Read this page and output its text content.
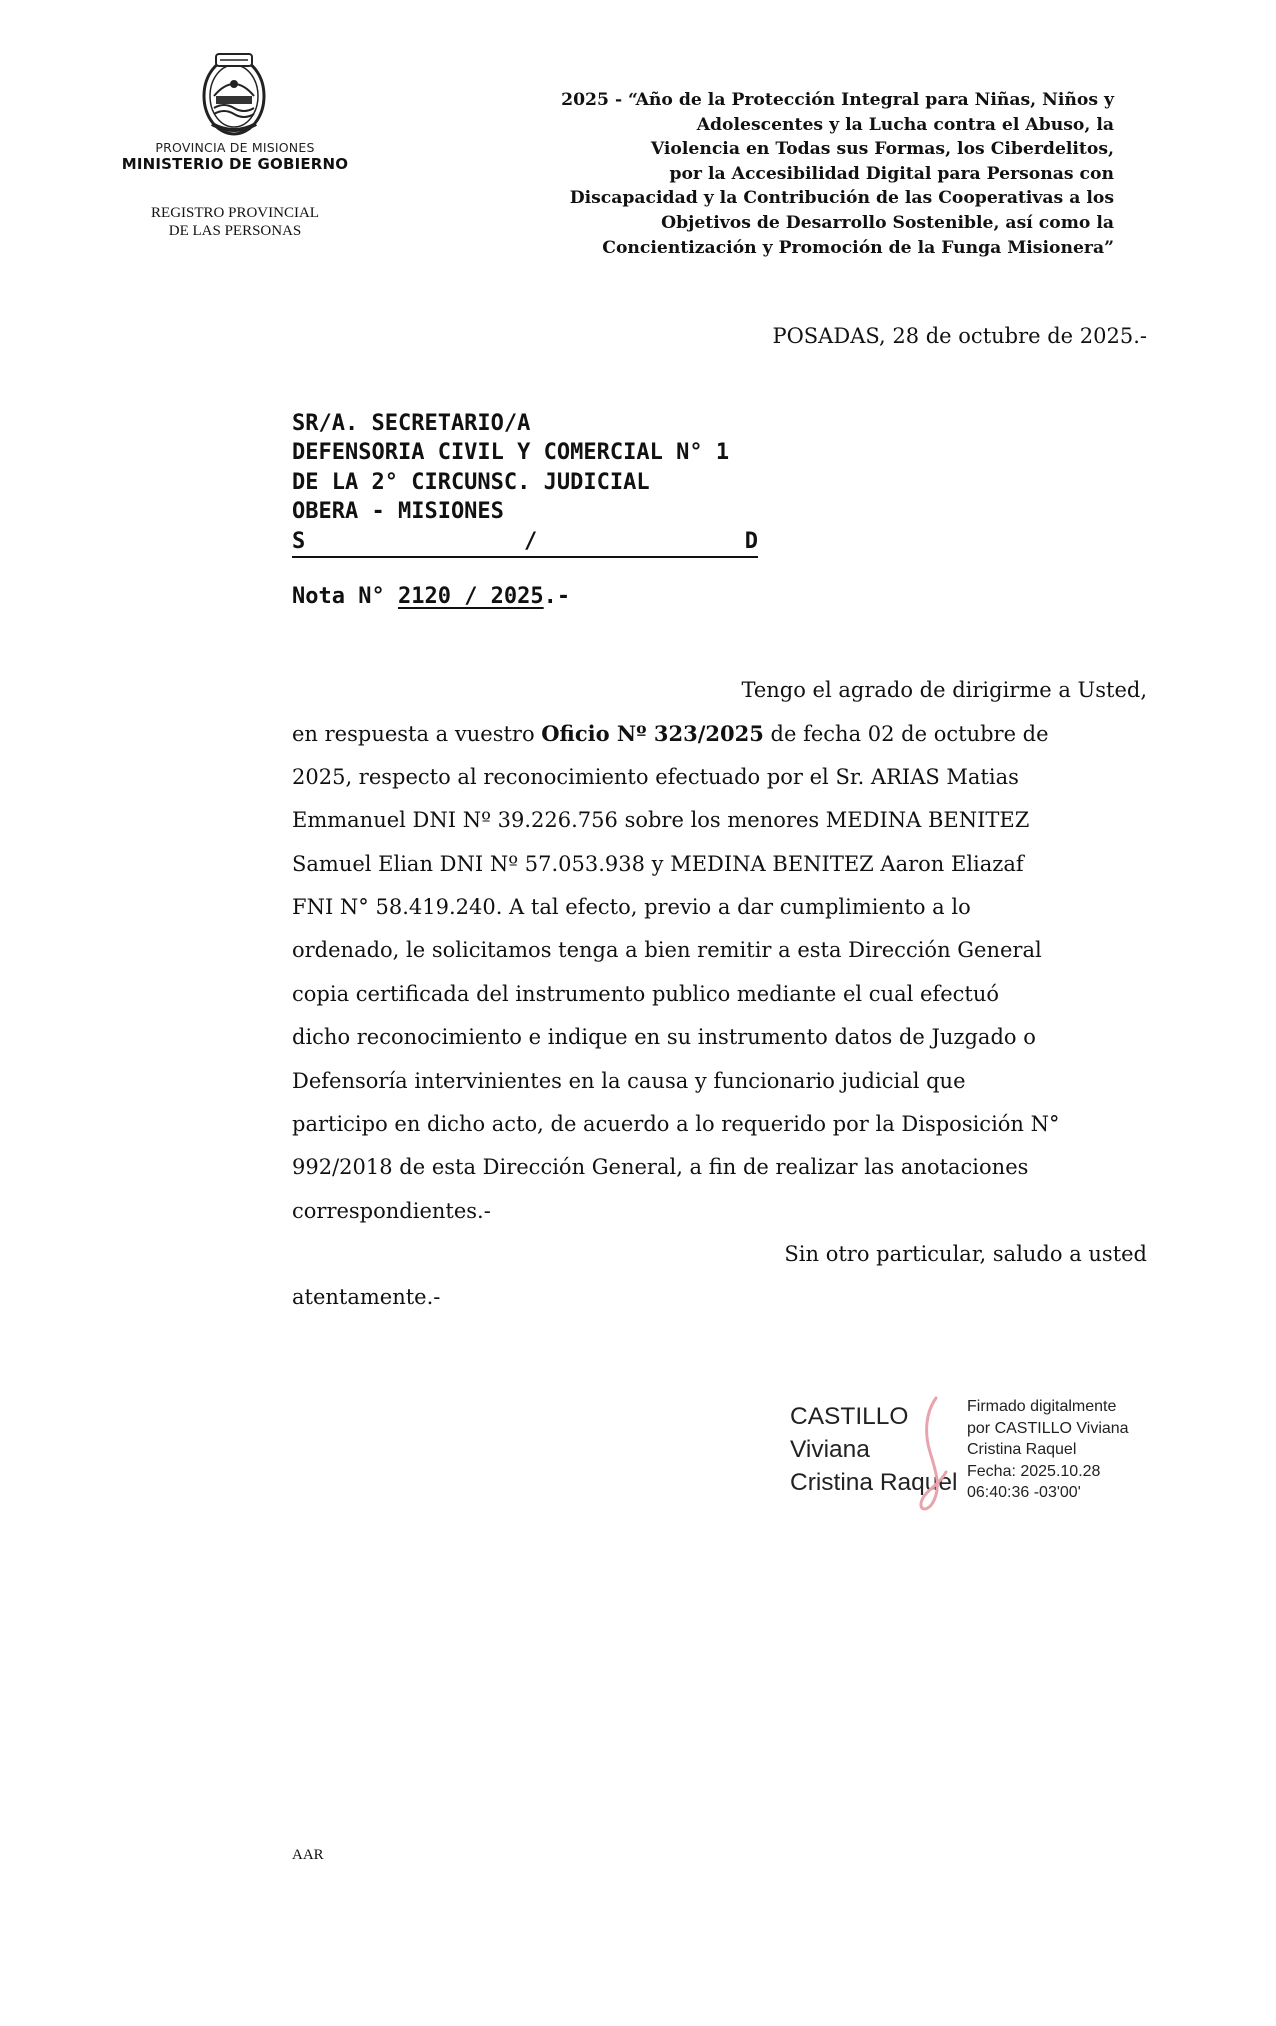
PROVINCIA DE MISIONES
MINISTERIO DE GOBIERNO
REGISTRO PROVINCIAL
DE LAS PERSONAS
2025 - “Año de la Protección Integral para Niñas, Niños y
Adolescentes y la Lucha contra el Abuso, la
Violencia en Todas sus Formas, los Ciberdelitos,
por la Accesibilidad Digital para Personas con
Discapacidad y la Contribución de las Cooperativas a los
Objetivos de Desarrollo Sostenible, así como la
Concientización y Promoción de la Funga Misionera”
POSADAS, 28 de octubre de 2025.-
SR/A. SECRETARIO/A
DEFENSORIA CIVIL Y COMERCIAL N° 1
DE LA 2° CIRCUNSC. JUDICIAL
OBERA - MISIONES
S	/	D
Nota N° 2120 / 2025.-
Tengo el agrado de dirigirme a Usted,
en respuesta a vuestro Oficio Nº 323/2025 de fecha 02 de octubre de
2025, respecto al reconocimiento efectuado por el Sr. ARIAS Matias
Emmanuel DNI Nº 39.226.756 sobre los menores MEDINA BENITEZ
Samuel Elian DNI Nº 57.053.938 y MEDINA BENITEZ Aaron Eliazaf
FNI N° 58.419.240. A tal efecto, previo a dar cumplimiento a lo
ordenado, le solicitamos tenga a bien remitir a esta Dirección General
copia certificada del instrumento publico mediante el cual efectuó
dicho reconocimiento e indique en su instrumento datos de Juzgado o
Defensoría intervinientes en la causa y funcionario judicial que
participo en dicho acto, de acuerdo a lo requerido por la Disposición N°
992/2018 de esta Dirección General, a fin de realizar las anotaciones
correspondientes.-
Sin otro particular, saludo a usted
atentamente.-
CASTILLO
Viviana
Cristina Raquel
Firmado digitalmente
por CASTILLO Viviana
Cristina Raquel
Fecha: 2025.10.28
06:40:36 -03'00'
AAR
